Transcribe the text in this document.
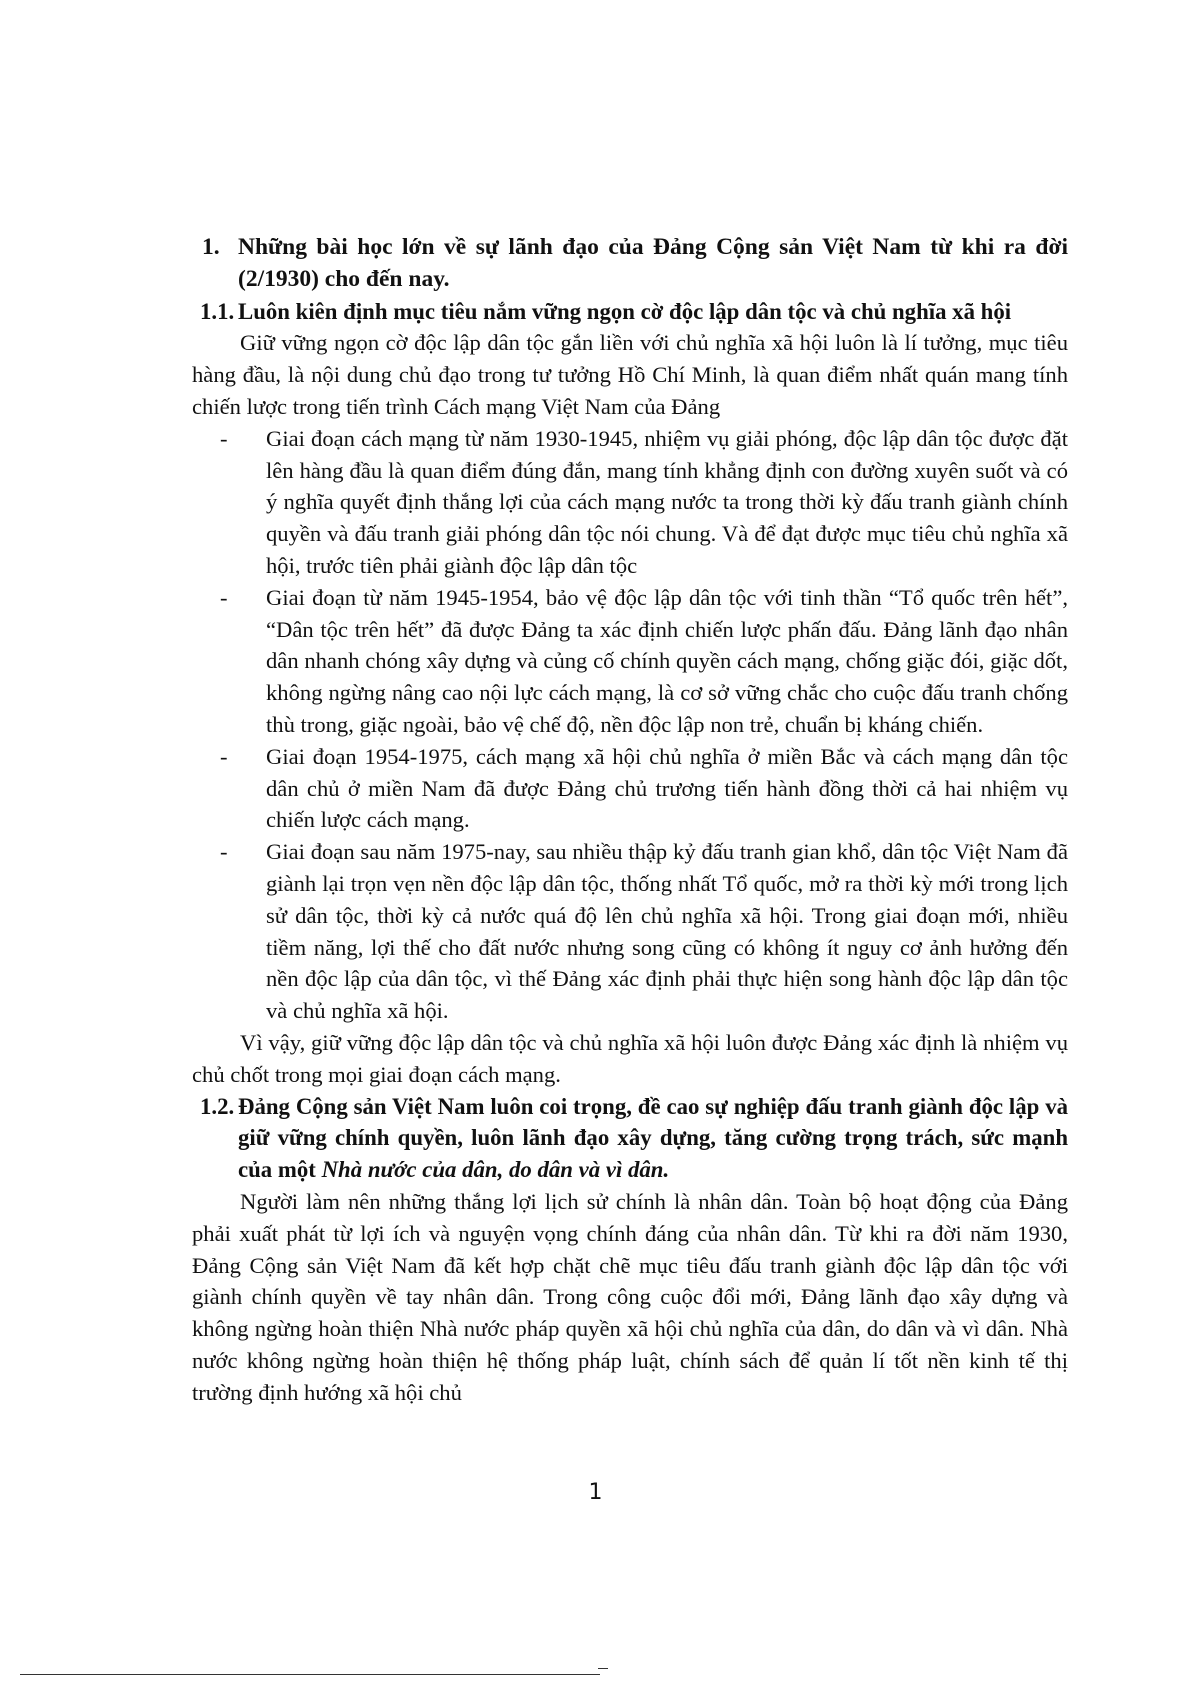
1. Những bài học lớn về sự lãnh đạo của Đảng Cộng sản Việt Nam từ khi ra đời (2/1930) cho đến nay.
1.1. Luôn kiên định mục tiêu nắm vững ngọn cờ độc lập dân tộc và chủ nghĩa xã hội

Giữ vững ngọn cờ độc lập dân tộc gắn liền với chủ nghĩa xã hội luôn là lí tưởng, mục tiêu hàng đầu, là nội dung chủ đạo trong tư tưởng Hồ Chí Minh, là quan điểm nhất quán mang tính chiến lược trong tiến trình Cách mạng Việt Nam của Đảng

-	Giai đoạn cách mạng từ năm 1930-1945, nhiệm vụ giải phóng, độc lập dân tộc được đặt lên hàng đầu là quan điểm đúng đắn, mang tính khẳng định con đường xuyên suốt và có ý nghĩa quyết định thắng lợi của cách mạng nước ta trong thời kỳ đấu tranh giành chính quyền và đấu tranh giải phóng dân tộc nói chung. Và để đạt được mục tiêu chủ nghĩa xã hội, trước tiên phải giành độc lập dân tộc
-	Giai đoạn từ năm 1945-1954, bảo vệ độc lập dân tộc với tinh thần “Tổ quốc trên hết”, “Dân tộc trên hết” đã được Đảng ta xác định chiến lược phấn đấu. Đảng lãnh đạo nhân dân nhanh chóng xây dựng và củng cố chính quyền cách mạng, chống giặc đói, giặc dốt, không ngừng nâng cao nội lực cách mạng, là cơ sở vững chắc cho cuộc đấu tranh chống thù trong, giặc ngoài, bảo vệ chế độ, nền độc lập non trẻ, chuẩn bị kháng chiến.
-	Giai đoạn 1954-1975, cách mạng xã hội chủ nghĩa ở miền Bắc và cách mạng dân tộc dân chủ ở miền Nam đã được Đảng chủ trương tiến hành đồng thời cả hai nhiệm vụ chiến lược cách mạng.
-	Giai đoạn sau năm 1975-nay, sau nhiều thập kỷ đấu tranh gian khổ, dân tộc Việt Nam đã giành lại trọn vẹn nền độc lập dân tộc, thống nhất Tổ quốc, mở ra thời kỳ mới trong lịch sử dân tộc, thời kỳ cả nước quá độ lên chủ nghĩa xã hội. Trong giai đoạn mới, nhiều tiềm năng, lợi thế cho đất nước nhưng song cũng có không ít nguy cơ ảnh hưởng đến nền độc lập của dân tộc, vì thế Đảng xác định phải thực hiện song hành độc lập dân tộc và chủ nghĩa xã hội.

Vì vậy, giữ vững độc lập dân tộc và chủ nghĩa xã hội luôn được Đảng xác định là nhiệm vụ chủ chốt trong mọi giai đoạn cách mạng.

1.2. Đảng Cộng sản Việt Nam luôn coi trọng, đề cao sự nghiệp đấu tranh giành độc lập và giữ vững chính quyền, luôn lãnh đạo xây dựng, tăng cường trọng trách, sức mạnh của một Nhà nước của dân, do dân và vì dân.

Người làm nên những thắng lợi lịch sử chính là nhân dân. Toàn bộ hoạt động của Đảng phải xuất phát từ lợi ích và nguyện vọng chính đáng của nhân dân. Từ khi ra đời năm 1930, Đảng Cộng sản Việt Nam đã kết hợp chặt chẽ mục tiêu đấu tranh giành độc lập dân tộc với giành chính quyền về tay nhân dân. Trong công cuộc đổi mới, Đảng lãnh đạo xây dựng và không ngừng hoàn thiện Nhà nước pháp quyền xã hội chủ nghĩa của dân, do dân và vì dân. Nhà nước không ngừng hoàn thiện hệ thống pháp luật, chính sách để quản lí tốt nền kinh tế thị trường định hướng xã hội chủ

1
